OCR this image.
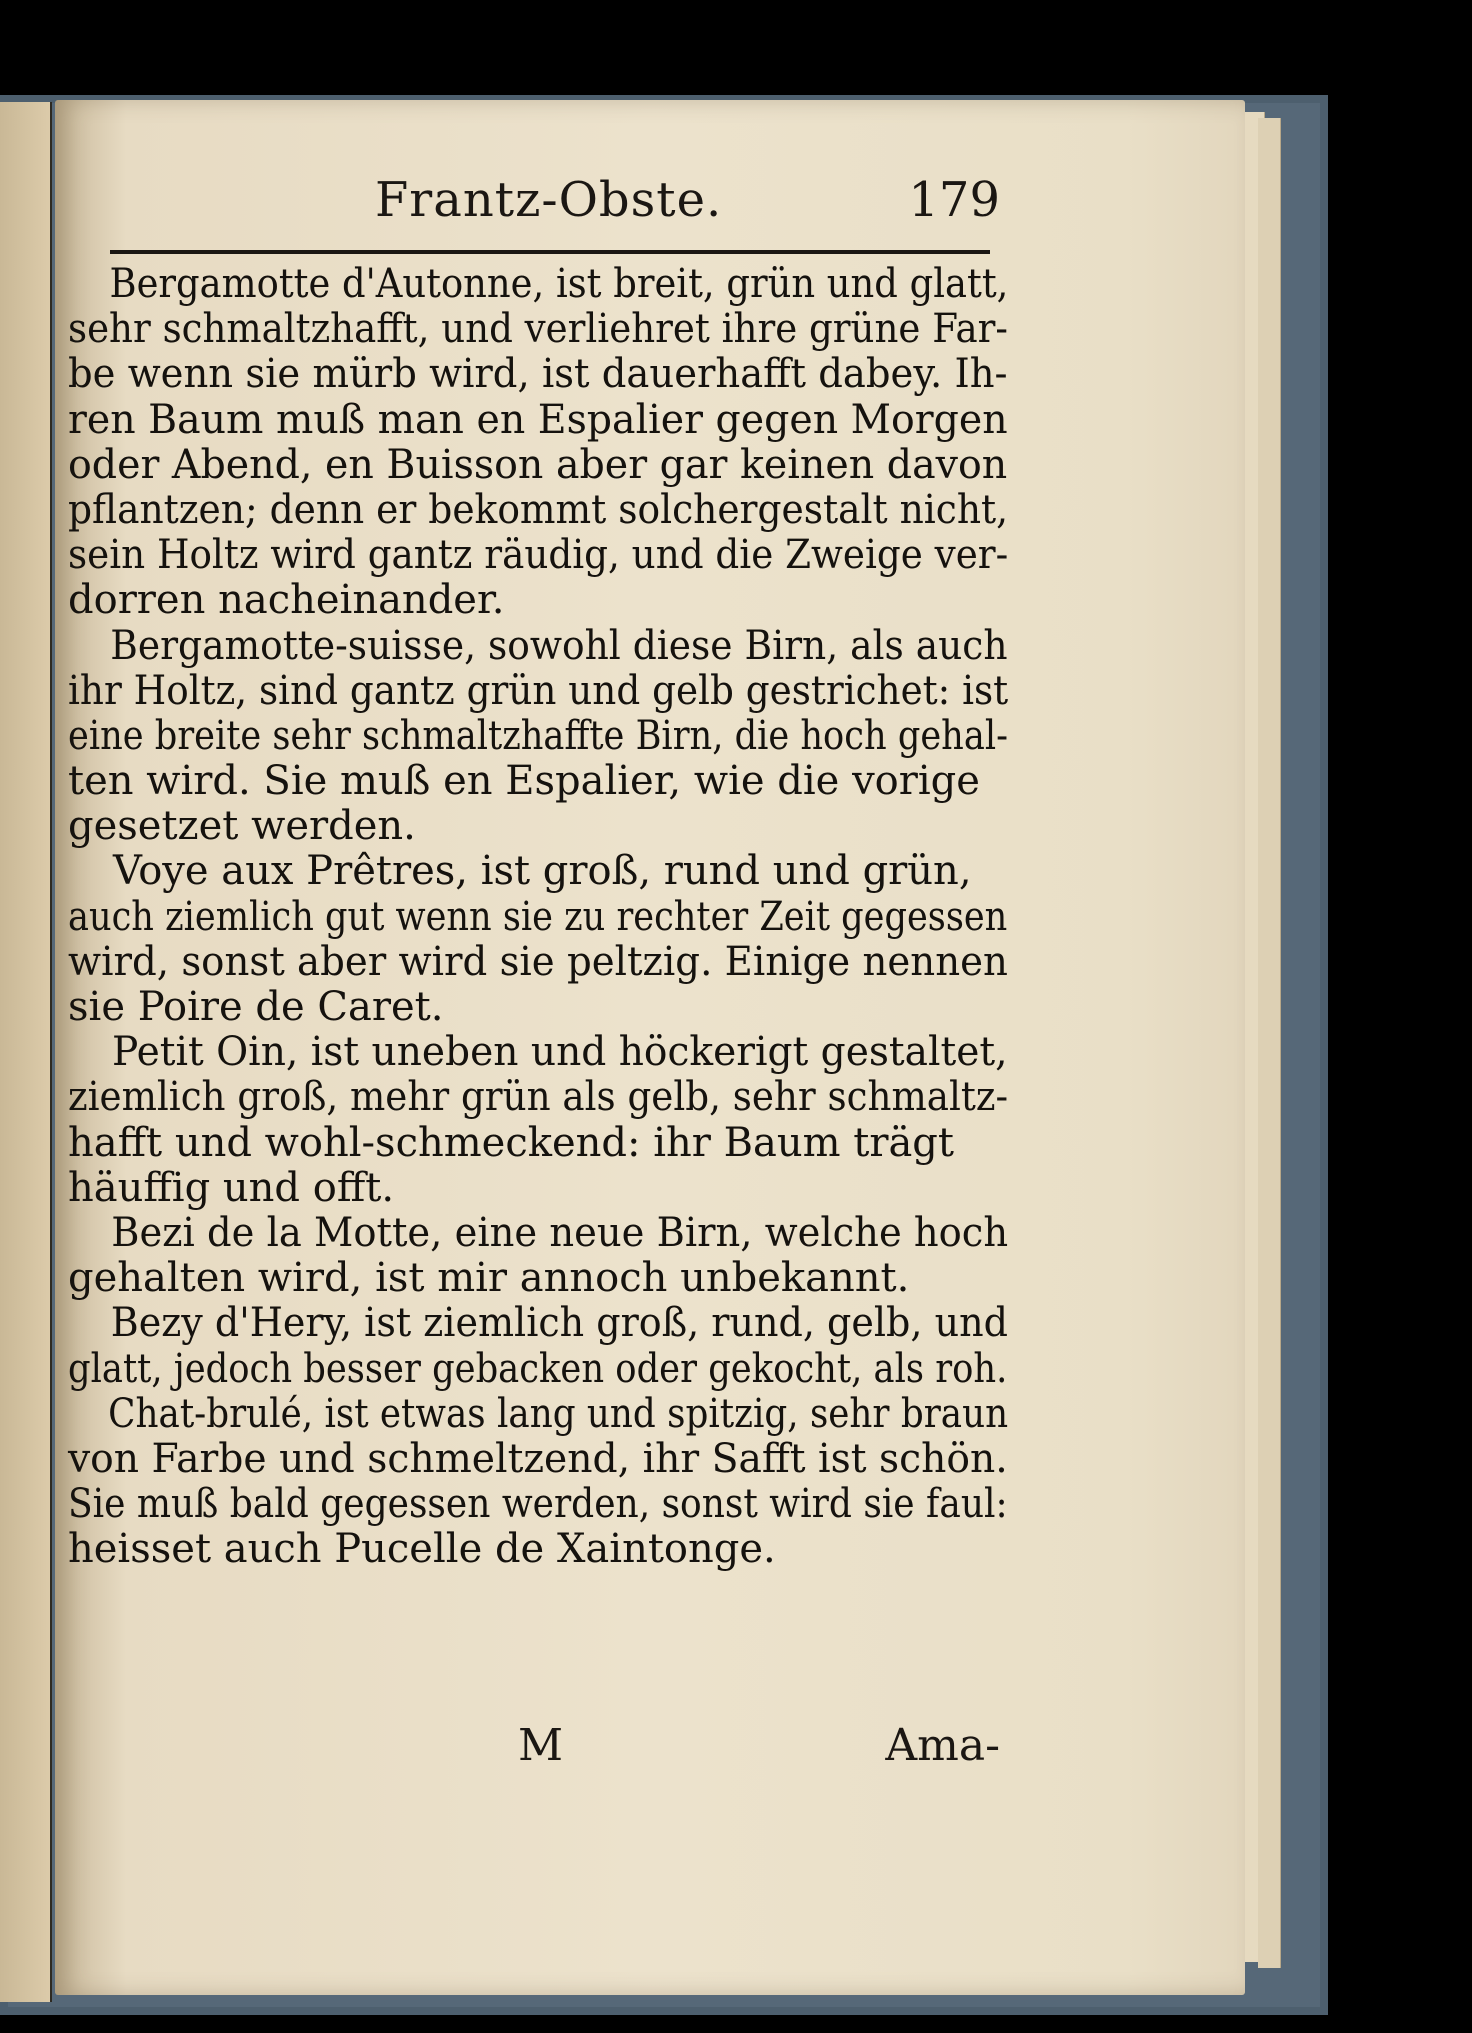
Frantz-Obste.	179
Bergamotte d'Autonne, ist breit, grün und glatt,
sehr schmaltzhafft, und verliehret ihre grüne Far-
be wenn sie mürb wird, ist dauerhafft dabey. Ih-
ren Baum muß man en Espalier gegen Morgen
oder Abend, en Buisson aber gar keinen davon
pflantzen; denn er bekommt solchergestalt nicht,
sein Holtz wird gantz räudig, und die Zweige ver-
dorren nacheinander.
Bergamotte-suisse, sowohl diese Birn, als auch
ihr Holtz, sind gantz grün und gelb gestrichet: ist
eine breite sehr schmaltzhaffte Birn, die hoch gehal-
ten wird. Sie muß en Espalier, wie die vorige
gesetzet werden.
Voye aux Prêtres, ist groß, rund und grün,
auch ziemlich gut wenn sie zu rechter Zeit gegessen
wird, sonst aber wird sie peltzig. Einige nennen
sie Poire de Caret.
Petit Oin, ist uneben und höckerigt gestaltet,
ziemlich groß, mehr grün als gelb, sehr schmaltz-
hafft und wohl-schmeckend: ihr Baum trägt
häuffig und offt.
Bezi de la Motte, eine neue Birn, welche hoch
gehalten wird, ist mir annoch unbekannt.
Bezy d'Hery, ist ziemlich groß, rund, gelb, und
glatt, jedoch besser gebacken oder gekocht, als roh.
Chat-brulé, ist etwas lang und spitzig, sehr braun
von Farbe und schmeltzend, ihr Safft ist schön.
Sie muß bald gegessen werden, sonst wird sie faul:
heisset auch Pucelle de Xaintonge.
M	Ama-
